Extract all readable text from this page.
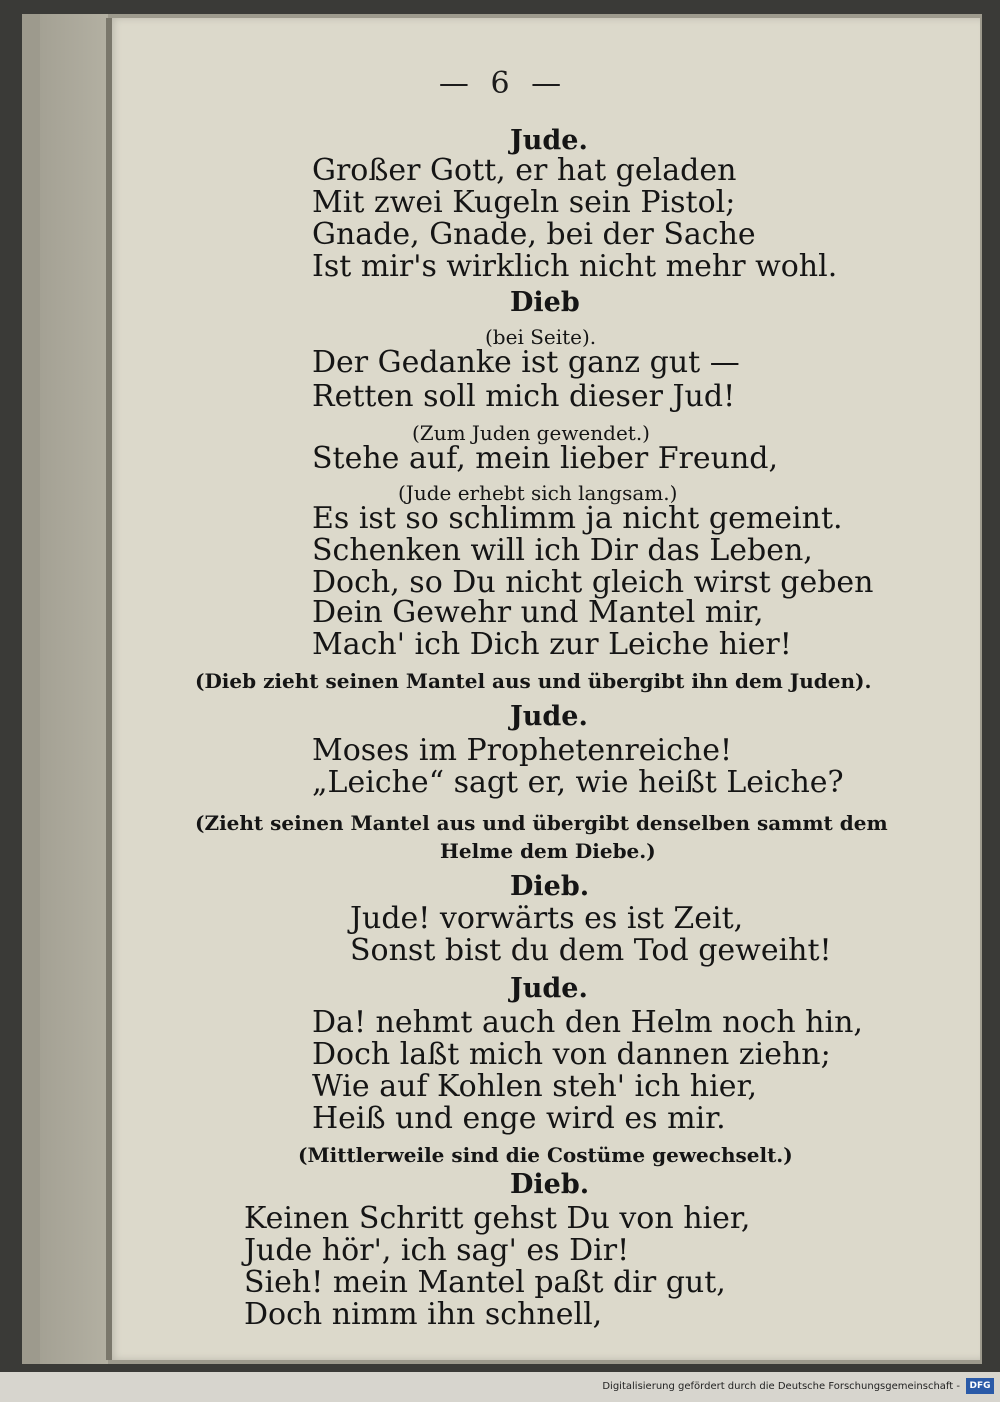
— 6 —
Jude.
Großer Gott, er hat geladen
Mit zwei Kugeln sein Pistol;
Gnade, Gnade, bei der Sache
Ist mir's wirklich nicht mehr wohl.
Dieb
(bei Seite).
Der Gedanke ist ganz gut —
Retten soll mich dieser Jud!
(Zum Juden gewendet.)
Stehe auf, mein lieber Freund,
(Jude erhebt sich langsam.)
Es ist so schlimm ja nicht gemeint.
Schenken will ich Dir das Leben,
Doch, so Du nicht gleich wirst geben
Dein Gewehr und Mantel mir,
Mach' ich Dich zur Leiche hier!
(Dieb zieht seinen Mantel aus und übergibt ihn dem Juden).
Jude.
Moses im Prophetenreiche!
„Leiche“ sagt er, wie heißt Leiche?
(Zieht seinen Mantel aus und übergibt denselben sammt dem
Helme dem Diebe.)
Dieb.
Jude! vorwärts es ist Zeit,
Sonst bist du dem Tod geweiht!
Jude.
Da! nehmt auch den Helm noch hin,
Doch laßt mich von dannen ziehn;
Wie auf Kohlen steh' ich hier,
Heiß und enge wird es mir.
(Mittlerweile sind die Costüme gewechselt.)
Dieb.
Keinen Schritt gehst Du von hier,
Jude hör', ich sag' es Dir!
Sieh! mein Mantel paßt dir gut,
Doch nimm ihn schnell,
Digitalisierung gefördert durch die Deutsche Forschungsgemeinschaft -	DFG
